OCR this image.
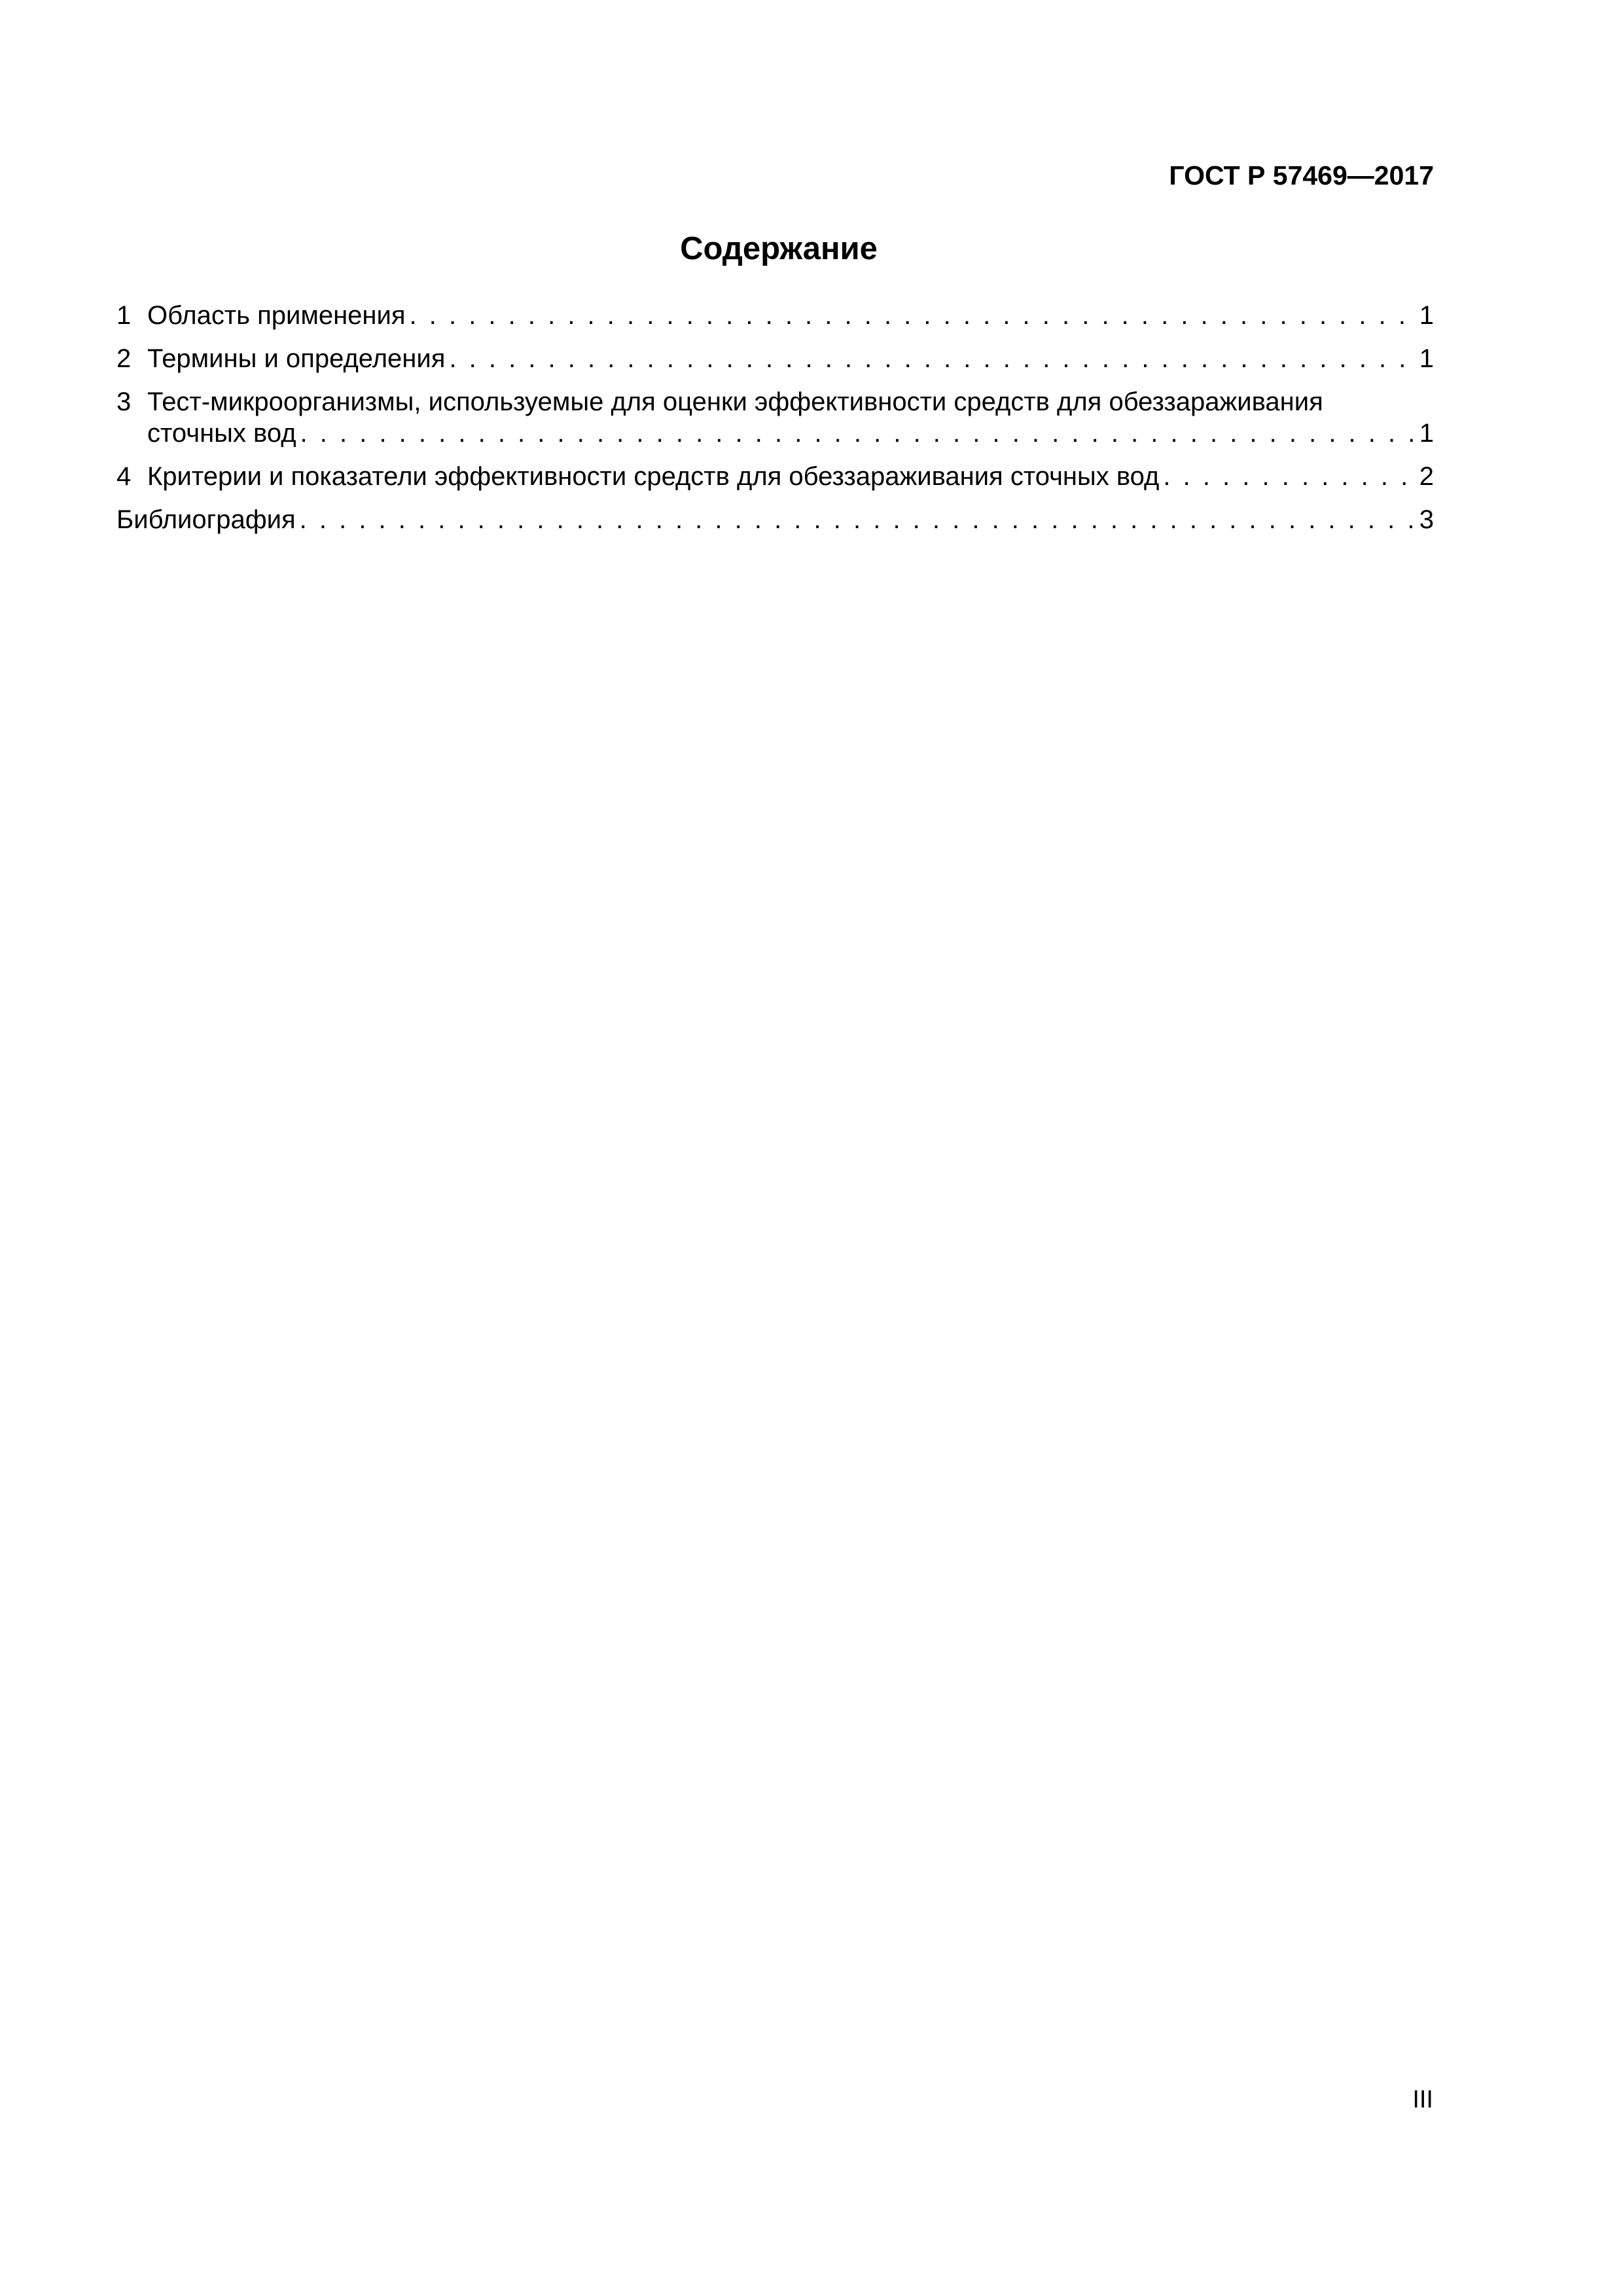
ГОСТ Р 57469—2017
Содержание
1 Область применения . . .	1
2 Термины и определения . . .	1
3 Тест-микроорганизмы, используемые для оценки эффективности средств для обеззараживания
сточных вод . . .	1
4 Критерии и показатели эффективности средств для обеззараживания сточных вод . . .	2
Библиография . . .	3
III
